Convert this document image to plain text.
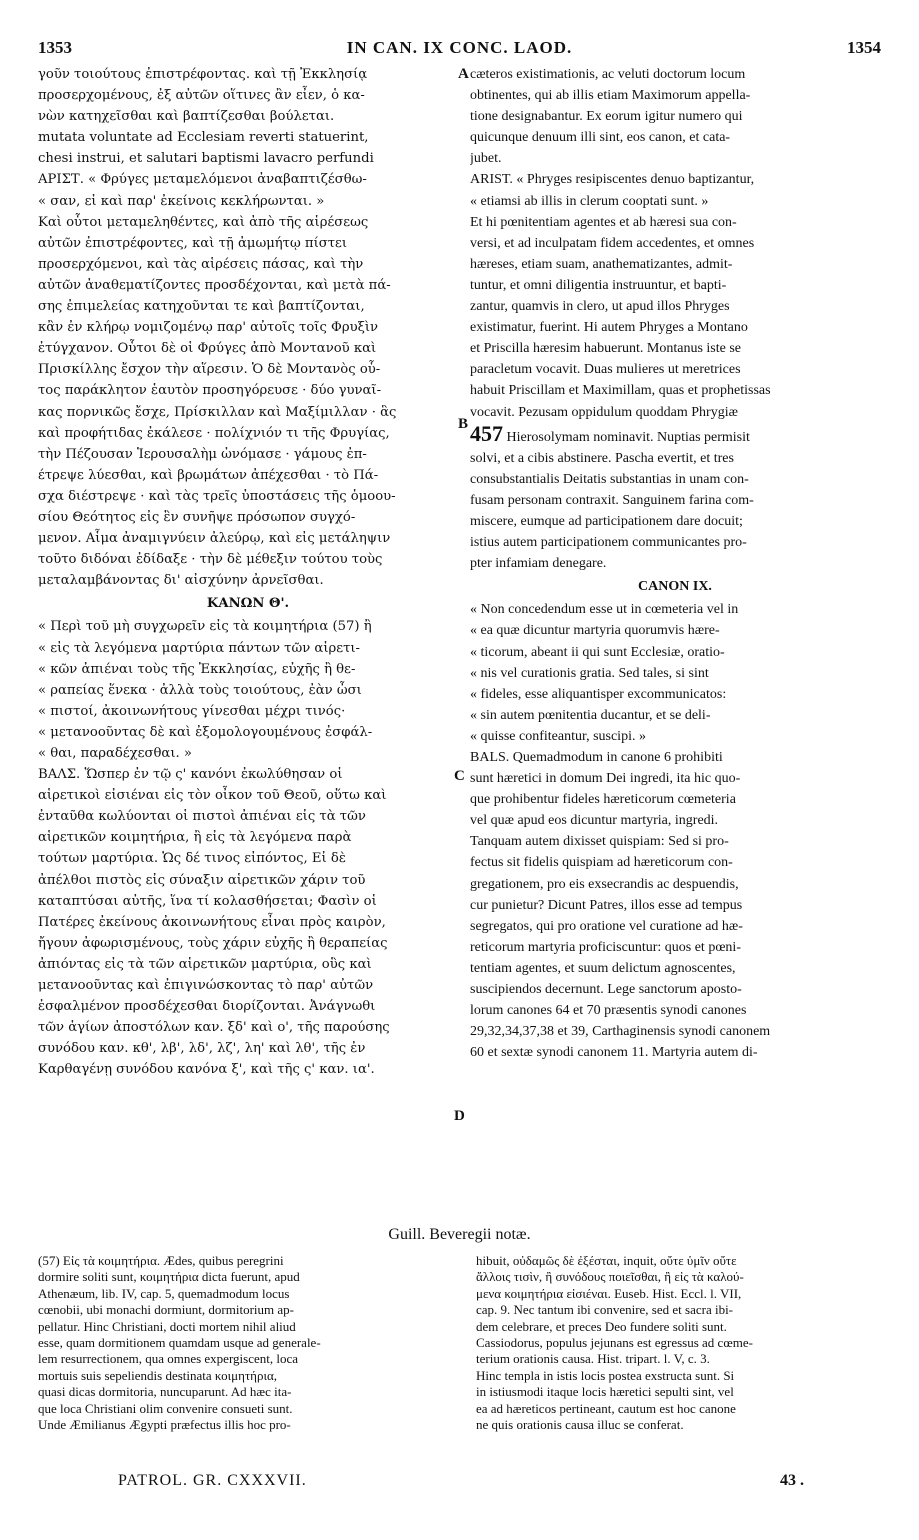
1353	IN CAN. IX CONC. LAOD.	1354
γοῦν τοιούτους ἐπιστρέφοντας. καὶ τῇ Ἐκκλησίᾳ
προσερχομένους, ἐξ αὐτῶν οἵτινες ἂν εἶεν, ὁ κα-
νὼν κατηχεῖσθαι καὶ βαπτίζεσθαι βούλεται.
mutata voluntate ad Ecclesiam reverti statuerint,
chesi instrui, et salutari baptismi lavacro perfundi
ΑΡΙΣΤ. « Φρύγες μεταμελόμενοι ἀναβαπτιζέσθω-
« σαν, εἰ καὶ παρ' ἐκείνοις κεκλήρωνται. »
Καὶ οὗτοι μεταμεληθέντες, καὶ ἀπὸ τῆς αἱρέσεως
αὐτῶν ἐπιστρέφοντες, καὶ τῇ ἀμωμήτῳ πίστει
προσερχόμενοι, καὶ τὰς αἱρέσεις πάσας, καὶ τὴν
αὐτῶν ἀναθεματίζοντες προσδέχονται, καὶ μετὰ πά-
σης ἐπιμελείας κατηχοῦνται τε καὶ βαπτίζονται,
κἂν ἐν κλήρῳ νομιζομένῳ παρ' αὐτοῖς τοῖς Φρυξὶν
ἐτύγχανον. Οὗτοι δὲ οἱ Φρύγες ἀπὸ Μοντανοῦ καὶ
Πρισκίλλης ἔσχον τὴν αἵρεσιν. Ὁ δὲ Μοντανὸς οὗ-
τος παράκλητον ἑαυτὸν προσηγόρευσε · δύο γυναῖ-
κας πορνικῶς ἔσχε, Πρίσκιλλαν καὶ Μαξίμιλλαν · ἃς
καὶ προφήτιδας ἐκάλεσε · πολίχνιόν τι τῆς Φρυγίας,
τὴν Πέζουσαν Ἱερουσαλὴμ ὠνόμασε · γάμους ἐπ-
έτρεψε λύεσθαι, καὶ βρωμάτων ἀπέχεσθαι · τὸ Πά-
σχα διέστρεψε · καὶ τὰς τρεῖς ὑποστάσεις τῆς ὁμοου-
σίου Θεότητος εἰς ἓν συνῆψε πρόσωπον συγχό-
μενον. Αἷμα ἀναμιγνύειν ἀλεύρῳ, καὶ εἰς μετάληψιν
τοῦτο διδόναι ἐδίδαξε · τὴν δὲ μέθεξιν τούτου τοὺς
μεταλαμβάνοντας δι' αἰσχύνην ἀρνεῖσθαι.
ΚΑΝΩΝ Θ'.
« Περὶ τοῦ μὴ συγχωρεῖν εἰς τὰ κοιμητήρια (57) ἢ
« εἰς τὰ λεγόμενα μαρτύρια πάντων τῶν αἱρετι-
« κῶν ἀπιέναι τοὺς τῆς Ἐκκλησίας, εὐχῆς ἢ θε-
« ραπείας ἕνεκα · ἀλλὰ τοὺς τοιούτους, ἐὰν ὦσι
« πιστοί, ἀκοινωνήτους γίνεσθαι μέχρι τινός·
« μετανοοῦντας δὲ καὶ ἐξομολογουμένους ἐσφάλ-
« θαι, παραδέχεσθαι. »
ΒΑΛΣ. Ὥσπερ ἐν τῷ ς' κανόνι ἐκωλύθησαν οἱ
αἱρετικοὶ εἰσιέναι εἰς τὸν οἶκον τοῦ Θεοῦ, οὕτω καὶ
ἐνταῦθα κωλύονται οἱ πιστοὶ ἀπιέναι εἰς τὰ τῶν
αἱρετικῶν κοιμητήρια, ἢ εἰς τὰ λεγόμενα παρὰ
τούτων μαρτύρια. Ὡς δέ τινος εἰπόντος, Εἰ δὲ
ἀπέλθοι πιστὸς εἰς σύναξιν αἱρετικῶν χάριν τοῦ
καταπτύσαι αὐτῆς, ἵνα τί κολασθήσεται; Φασὶν οἱ
Πατέρες ἐκείνους ἀκοινωνήτους εἶναι πρὸς καιρὸν,
ἤγουν ἀφωρισμένους, τοὺς χάριν εὐχῆς ἢ θεραπείας
ἀπιόντας εἰς τὰ τῶν αἱρετικῶν μαρτύρια, οὓς καὶ
μετανοοῦντας καὶ ἐπιγινώσκοντας τὸ παρ' αὐτῶν
ἐσφαλμένον προσδέχεσθαι διορίζονται. Ἀνάγνωθι
τῶν ἁγίων ἀποστόλων καν. ξδ' καὶ ο', τῆς παρούσης
συνόδου καν. κθ', λβ', λδ', λζ', λη' καὶ λθ', τῆς ἐν
Καρθαγένῃ συνόδου κανόνα ξ', καὶ τῆς ς' καν. ια'.
cæteros existimationis, ac veluti doctorum locum
obtinentes, qui ab illis etiam Maximorum appella-
tione designabantur. Ex eorum igitur numero qui
quicunque denuum illi sint, eos canon, et cata-
jubet.
ARIST. « Phryges resipiscentes denuo baptizantur,
« etiamsi ab illis in clerum cooptati sunt. »
Et hi pœnitentiam agentes et ab hæresi sua con-
versi, et ad inculpatam fidem accedentes, et omnes
hæreses, etiam suam, anathematizantes, admit-
tuntur, et omni diligentia instruuntur, et bapti-
zantur, quamvis in clero, ut apud illos Phryges
existimatur, fuerint. Hi autem Phryges a Montano
et Priscilla hæresim habuerunt. Montanus iste se
paracletum vocavit. Duas mulieres ut meretrices
habuit Priscillam et Maximillam, quas et prophetissas
vocavit. Pezusam oppidulum quoddam Phrygiæ
457 Hierosolymam nominavit. Nuptias permisit
solvi, et a cibis abstinere. Pascha evertit, et tres
consubstantialis Deitatis substantias in unam con-
fusam personam contraxit. Sanguinem farina com-
miscere, eumque ad participationem dare docuit;
istius autem participationem communicantes pro-
pter infamiam denegare.
CANON IX.
« Non concedendum esse ut in cœmeteria vel in
« ea quæ dicuntur martyria quorumvis hære-
« ticorum, abeant ii qui sunt Ecclesiæ, oratio-
« nis vel curationis gratia. Sed tales, si sint
« fideles, esse aliquantisper excommunicatos:
« sin autem pœnitentia ducantur, et se deli-
« quisse confiteantur, suscipi. »
BALS. Quemadmodum in canone 6 prohibiti
sunt hæretici in domum Dei ingredi, ita hic quo-
que prohibentur fideles hæreticorum cœmeteria
vel quæ apud eos dicuntur martyria, ingredi.
Tanquam autem dixisset quispiam: Sed si pro-
fectus sit fidelis quispiam ad hæreticorum con-
gregationem, pro eis exsecrandis ac despuendis,
cur punietur? Dicunt Patres, illos esse ad tempus
segregatos, qui pro oratione vel curatione ad hæ-
reticorum martyria proficiscuntur: quos et pœni-
tentiam agentes, et suum delictum agnoscentes,
suscipiendos decernunt. Lege sanctorum aposto-
lorum canones 64 et 70 præsentis synodi canones
29,32,34,37,38 et 39, Carthaginensis synodi canonem
60 et sextæ synodi canonem 11. Martyria autem di-
A
B
C
D
Guill. Beveregii notæ.
(57) Εἰς τὰ κοιμητήρια. Ædes, quibus peregrini
dormire soliti sunt, κοιμητήρια dicta fuerunt, apud
Athenæum, lib. IV, cap. 5, quemadmodum locus
cœnobii, ubi monachi dormiunt, dormitorium ap-
pellatur. Hinc Christiani, docti mortem nihil aliud
esse, quam dormitionem quamdam usque ad generale-
lem resurrectionem, qua omnes expergiscent, loca
mortuis suis sepeliendis destinata κοιμητήρια,
quasi dicas dormitoria, nuncuparunt. Ad hæc ita-
que loca Christiani olim convenire consueti sunt.
Unde Æmilianus Ægypti præfectus illis hoc pro-
hibuit, οὐδαμῶς δὲ ἐξέσται, inquit, οὔτε ὑμῖν οὔτε
ἄλλοις τισὶν, ἢ συνόδους ποιεῖσθαι, ἢ εἰς τὰ καλού-
μενα κοιμητήρια εἰσιέναι. Euseb. Hist. Eccl. l. VII,
cap. 9. Nec tantum ibi convenire, sed et sacra ibi-
dem celebrare, et preces Deo fundere soliti sunt.
Cassiodorus, populus jejunans est egressus ad cœme-
terium orationis causa. Hist. tripart. l. V, c. 3.
Hinc templa in istis locis postea exstructa sunt. Si
in istiusmodi itaque locis hæretici sepulti sint, vel
ea ad hæreticos pertineant, cautum est hoc canone
ne quis orationis causa illuc se conferat.
PATROL. GR. CXXXVII.	43 .
